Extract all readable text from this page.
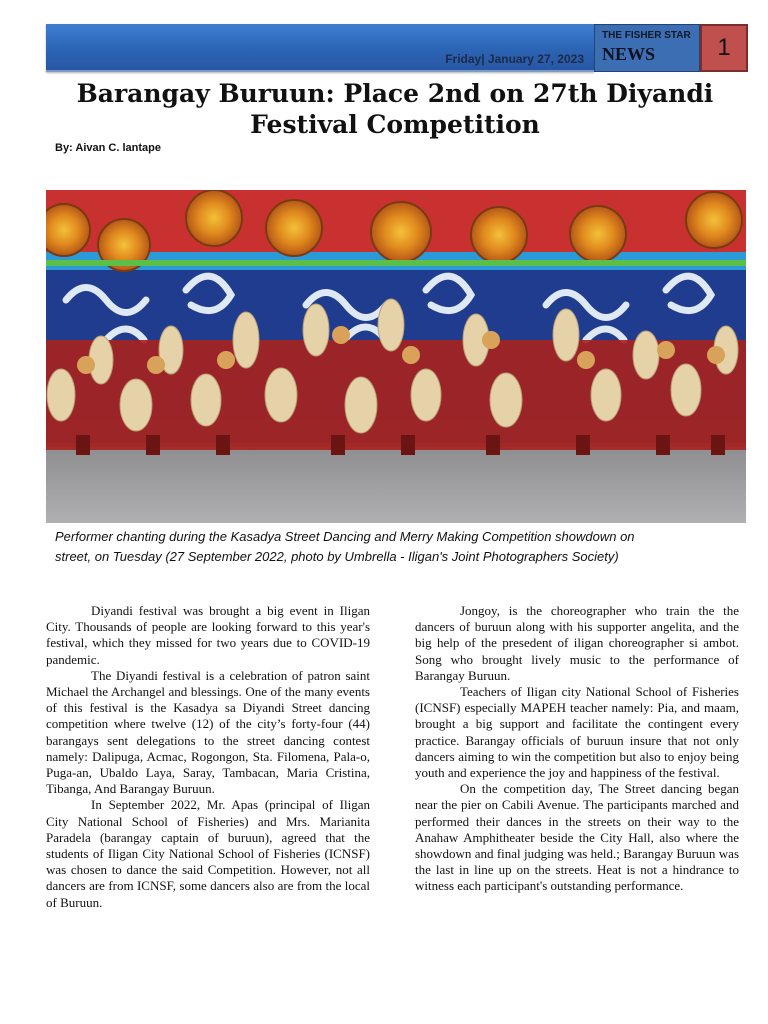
Friday| January 27, 2023
THE FISHER STAR
NEWS	1
Barangay Buruun: Place 2nd on 27th Diyandi Festival Competition
By: Aivan C. lantape

Performer chanting during the Kasadya Street Dancing and Merry Making Competition showdown on

street, on Tuesday (27 September 2022, photo by Umbrella - Iligan's Joint Photographers Society)

Diyandi festival was brought a big event in Iligan City. Thousands of people are looking forward to this year's festival, which they missed for two years due to COVID-19 pandemic.

The Diyandi festival is a celebration of patron saint Michael the Archangel and blessings. One of the many events of this festival is the Kasadya sa Diyandi Street dancing competition where twelve (12) of the city’s forty-four (44) barangays sent delegations to the street dancing contest namely: Dalipuga, Acmac, Rogongon, Sta. Filomena, Pala-o, Puga-an, Ubaldo Laya, Saray, Tambacan, Maria Cristina, Tibanga, And Barangay Buruun.

In September 2022, Mr. Apas (principal of Iligan City National School of Fisheries) and Mrs. Marianita Paradela (barangay captain of buruun), agreed that the students of Iligan City National School of Fisheries (ICNSF) was chosen to dance the said Competition. However, not all dancers are from ICNSF, some dancers also are from the local of Buruun.

Jongoy, is the choreographer who train the the dancers of buruun along with his supporter angelita, and the big help of the presedent of iligan choreographer si ambot. Song who brought lively music to the performance of Barangay Buruun.

Teachers of Iligan city National School of Fisheries (ICNSF) especially MAPEH teacher namely: Pia, and maam, brought a big support and facilitate the contingent every practice. Barangay officials of buruun insure that not only dancers aiming to win the competition but also to enjoy being youth and experience the joy and happiness of the festival.

On the competition day, The Street dancing began near the pier on Cabili Avenue. The participants marched and performed their dances in the streets on their way to the Anahaw Amphitheater beside the City Hall, also where the showdown and final judging was held.; Barangay Buruun was the last in line up on the streets. Heat is not a hindrance to witness each participant's outstanding performance.
